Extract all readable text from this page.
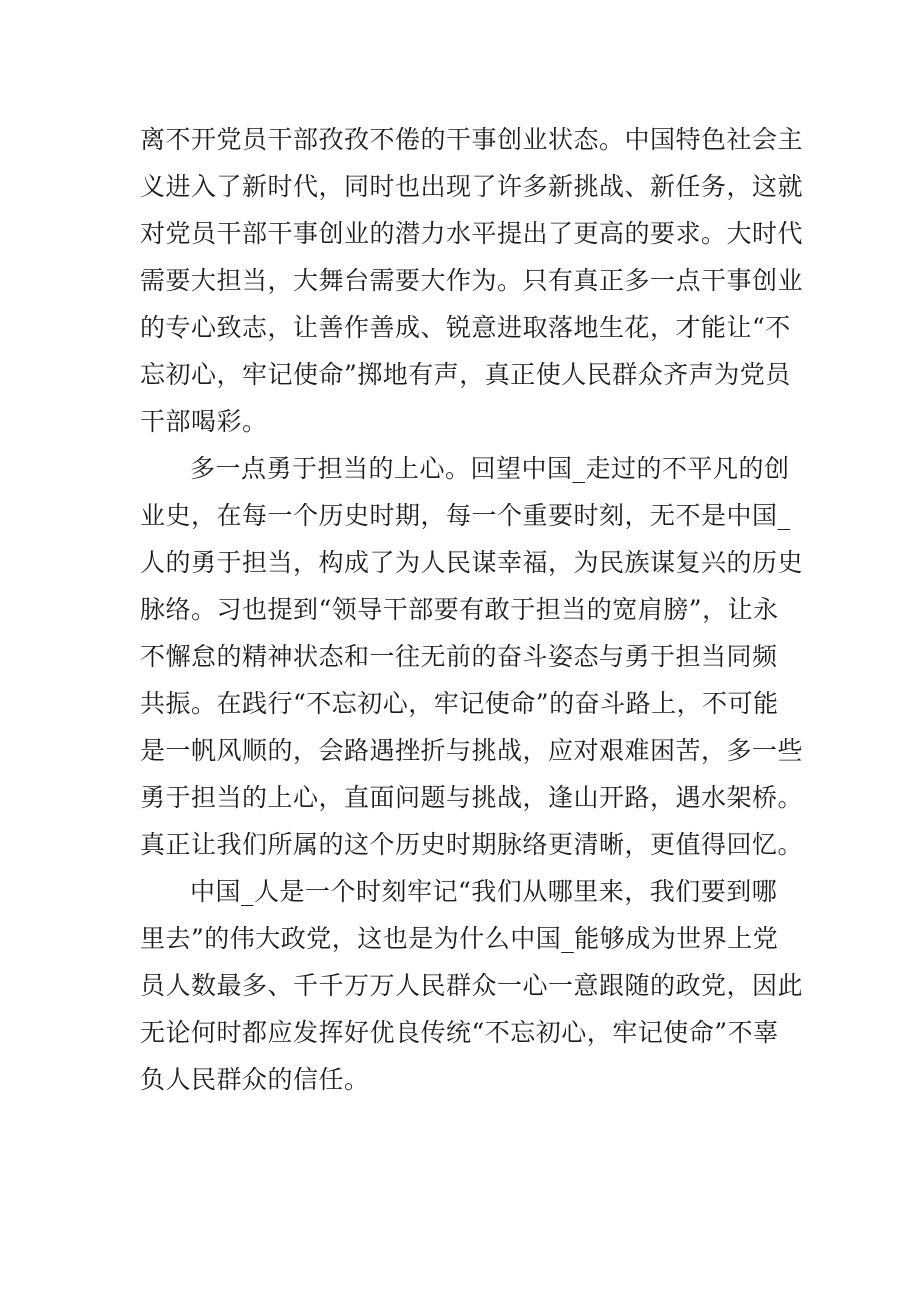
离不开党员干部孜孜不倦的干事创业状态。中国特色社会主
义进入了新时代，同时也出现了许多新挑战、新任务，这就
对党员干部干事创业的潜力水平提出了更高的要求。大时代
需要大担当，大舞台需要大作为。只有真正多一点干事创业
的专心致志，让善作善成、锐意进取落地生花，才能让“不
忘初心，牢记使命”掷地有声，真正使人民群众齐声为党员
干部喝彩。
多一点勇于担当的上心。回望中国_走过的不平凡的创
业史，在每一个历史时期，每一个重要时刻，无不是中国_
人的勇于担当，构成了为人民谋幸福，为民族谋复兴的历史
脉络。习也提到“领导干部要有敢于担当的宽肩膀”，让永
不懈怠的精神状态和一往无前的奋斗姿态与勇于担当同频
共振。在践行“不忘初心，牢记使命”的奋斗路上，不可能
是一帆风顺的，会路遇挫折与挑战，应对艰难困苦，多一些
勇于担当的上心，直面问题与挑战，逢山开路，遇水架桥。
真正让我们所属的这个历史时期脉络更清晰，更值得回忆。
中国_人是一个时刻牢记“我们从哪里来，我们要到哪
里去”的伟大政党，这也是为什么中国_能够成为世界上党
员人数最多、千千万万人民群众一心一意跟随的政党，因此
无论何时都应发挥好优良传统“不忘初心，牢记使命”不辜
负人民群众的信任。
